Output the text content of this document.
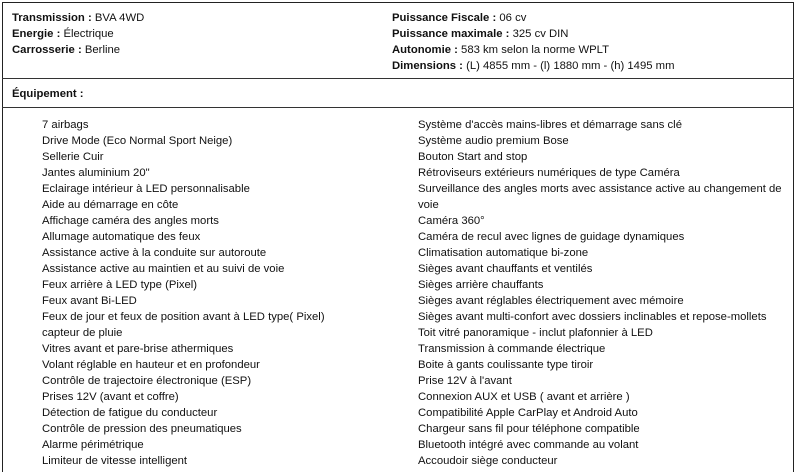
Transmission : BVA 4WD
Energie : Électrique
Carrosserie : Berline
Puissance Fiscale : 06 cv
Puissance maximale : 325 cv DIN
Autonomie : 583 km selon la norme WPLT
Dimensions : (L) 4855 mm - (l) 1880 mm - (h) 1495 mm
Équipement :
7 airbags
Drive Mode (Eco Normal Sport Neige)
Sellerie Cuir
Jantes aluminium 20"
Eclairage intérieur à LED personnalisable
Aide au démarrage en côte
Affichage caméra des angles morts
Allumage automatique des feux
Assistance active à la conduite sur autoroute
Assistance active au maintien et au suivi de voie
Feux arrière à LED type (Pixel)
Feux avant Bi-LED
Feux de jour et feux de position avant à LED type( Pixel)
capteur de pluie
Vitres avant et pare-brise athermiques
Volant réglable en hauteur et en profondeur
Contrôle de trajectoire électronique (ESP)
Prises 12V (avant et coffre)
Détection de fatigue du conducteur
Contrôle de pression des pneumatiques
Alarme périmétrique
Limiteur de vitesse intelligent
Système d'accès mains-libres et démarrage sans clé
Système audio premium Bose
Bouton Start and stop
Rétroviseurs extérieurs numériques de type Caméra
Surveillance des angles morts avec assistance active au changement de voie
Caméra 360°
Caméra de recul avec lignes de guidage dynamiques
Climatisation automatique bi-zone
Sièges avant chauffants et ventilés
Sièges arrière chauffants
Sièges avant réglables électriquement avec mémoire
Sièges avant multi-confort avec dossiers inclinables et repose-mollets
Toit vitré panoramique - inclut plafonnier à LED
Transmission à commande électrique
Boite à gants coulissante type tiroir
Prise 12V à l'avant
Connexion AUX et USB ( avant et arrière )
Compatibilité Apple CarPlay et Android Auto
Chargeur sans fil pour téléphone compatible
Bluetooth intégré avec commande au volant
Accoudoir siège conducteur
